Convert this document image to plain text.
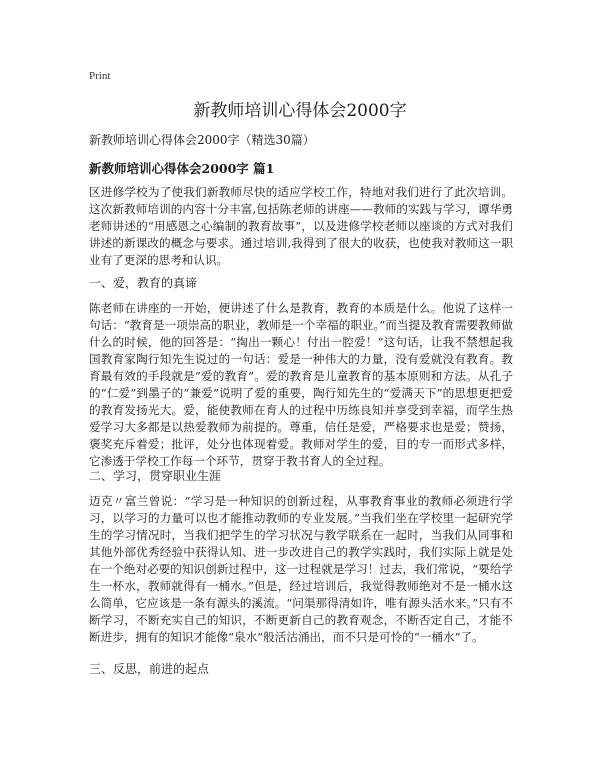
Print
新教师培训心得体会2000字
新教师培训心得体会2000字（精选30篇）
新教师培训心得体会2000字 篇1

区进修学校为了使我们新教师尽快的适应学校工作，特地对我们进行了此次培训。这次新教师培训的内容十分丰富,包括陈老师的讲座——教师的实践与学习，谭华勇老师讲述的“用感恩之心编制的教育故事”，以及进修学校老师以座谈的方式对我们讲述的新课改的概念与要求。通过培训,我得到了很大的收获，也使我对教师这一职业有了更深的思考和认识。

一、爱，教育的真谛

陈老师在讲座的一开始，便讲述了什么是教育，教育的本质是什么。他说了这样一句话：“教育是一项崇高的职业，教师是一个幸福的职业。”而当提及教育需要教师做什么的时候，他的回答是：“掏出一颗心！付出一腔爱！”这句话，让我不禁想起我国教育家陶行知先生说过的一句话：爱是一种伟大的力量，没有爱就没有教育。教育最有效的手段就是“爱的教育”。爱的教育是儿童教育的基本原则和方法。从孔子的“仁爱”到墨子的“兼爱”说明了爱的重要，陶行知先生的“爱满天下”的思想更把爱的教育发扬光大。爱，能使教师在育人的过程中历练良知并享受到幸福，而学生热爱学习大多都是以热爱教师为前提的。尊重，信任是爱，严格要求也是爱；赞扬，褒奖充斥着爱；批评，处分也体现着爱。教师对学生的爱，目的专一而形式多样，它渗透于学校工作每一个环节，贯穿于教书育人的全过程。

二、学习，贯穿职业生涯

迈克〃富兰曾说：“学习是一种知识的创新过程，从事教育事业的教师必须进行学习，以学习的力量可以也才能推动教师的专业发展。”当我们坐在学校里一起研究学生的学习情况时，当我们把学生的学习状况与教学联系在一起时，当我们从同事和其他外部优秀经验中获得认知、进一步改进自己的教学实践时，我们实际上就是处在一个绝对必要的知识创新过程中，这一过程就是学习！过去，我们常说，“要给学生一杯水，教师就得有一桶水。”但是，经过培训后，我觉得教师绝对不是一桶水这么简单，它应该是一条有源头的溪流。“问渠那得清如许，唯有源头活水来。”只有不断学习，不断充实自己的知识，不断更新自己的教育观念，不断否定自己，才能不断进步，拥有的知识才能像“泉水”般活沽涌出，而不只是可怜的“一桶水”了。

三、反思，前进的起点
